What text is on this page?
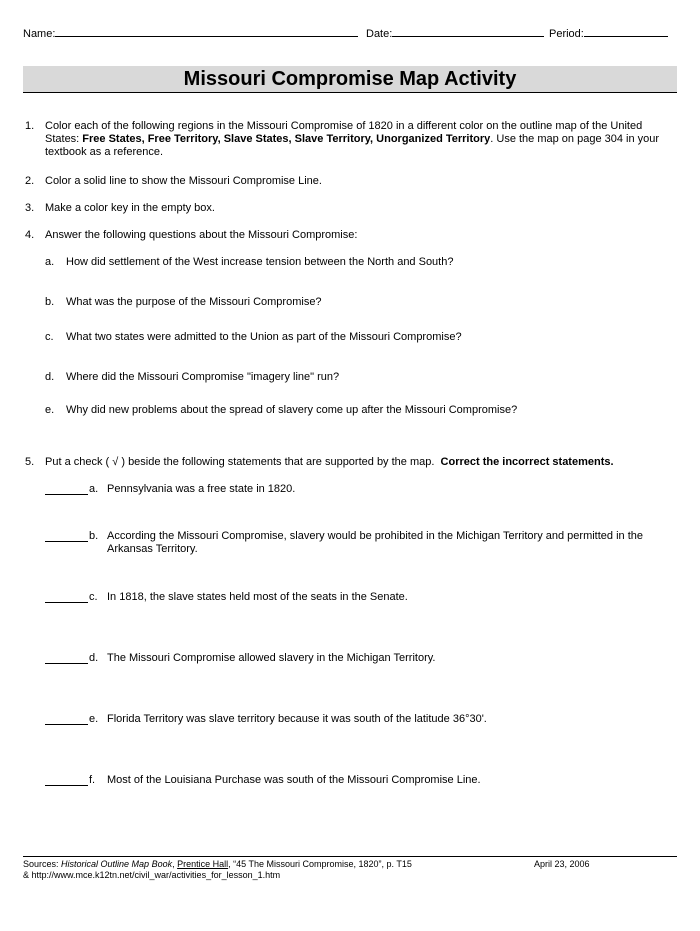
Name:	Date:	Period:
Missouri Compromise Map Activity
1. Color each of the following regions in the Missouri Compromise of 1820 in a different color on the outline map of the United States: Free States, Free Territory, Slave States, Slave Territory, Unorganized Territory. Use the map on page 304 in your textbook as a reference.
2. Color a solid line to show the Missouri Compromise Line.
3. Make a color key in the empty box.
4. Answer the following questions about the Missouri Compromise:
a.	How did settlement of the West increase tension between the North and South?
b.	What was the purpose of the Missouri Compromise?
c.	What two states were admitted to the Union as part of the Missouri Compromise?
d.	Where did the Missouri Compromise "imagery line" run?
e.	Why did new problems about the spread of slavery come up after the Missouri Compromise?
5. Put a check ( √ ) beside the following statements that are supported by the map. Correct the incorrect statements.
a. Pennsylvania was a free state in 1820.
b. According the Missouri Compromise, slavery would be prohibited in the Michigan Territory and permitted in the Arkansas Territory.
c. In 1818, the slave states held most of the seats in the Senate.
d. The Missouri Compromise allowed slavery in the Michigan Territory.
e. Florida Territory was slave territory because it was south of the latitude 36°30'.
f.	Most of the Louisiana Purchase was south of the Missouri Compromise Line.
Sources: Historical Outline Map Book, Prentice Hall, “45 The Missouri Compromise, 1820”, p. T15
& http://www.mce.k12tn.net/civil_war/activities_for_lesson_1.htm
April 23, 2006
